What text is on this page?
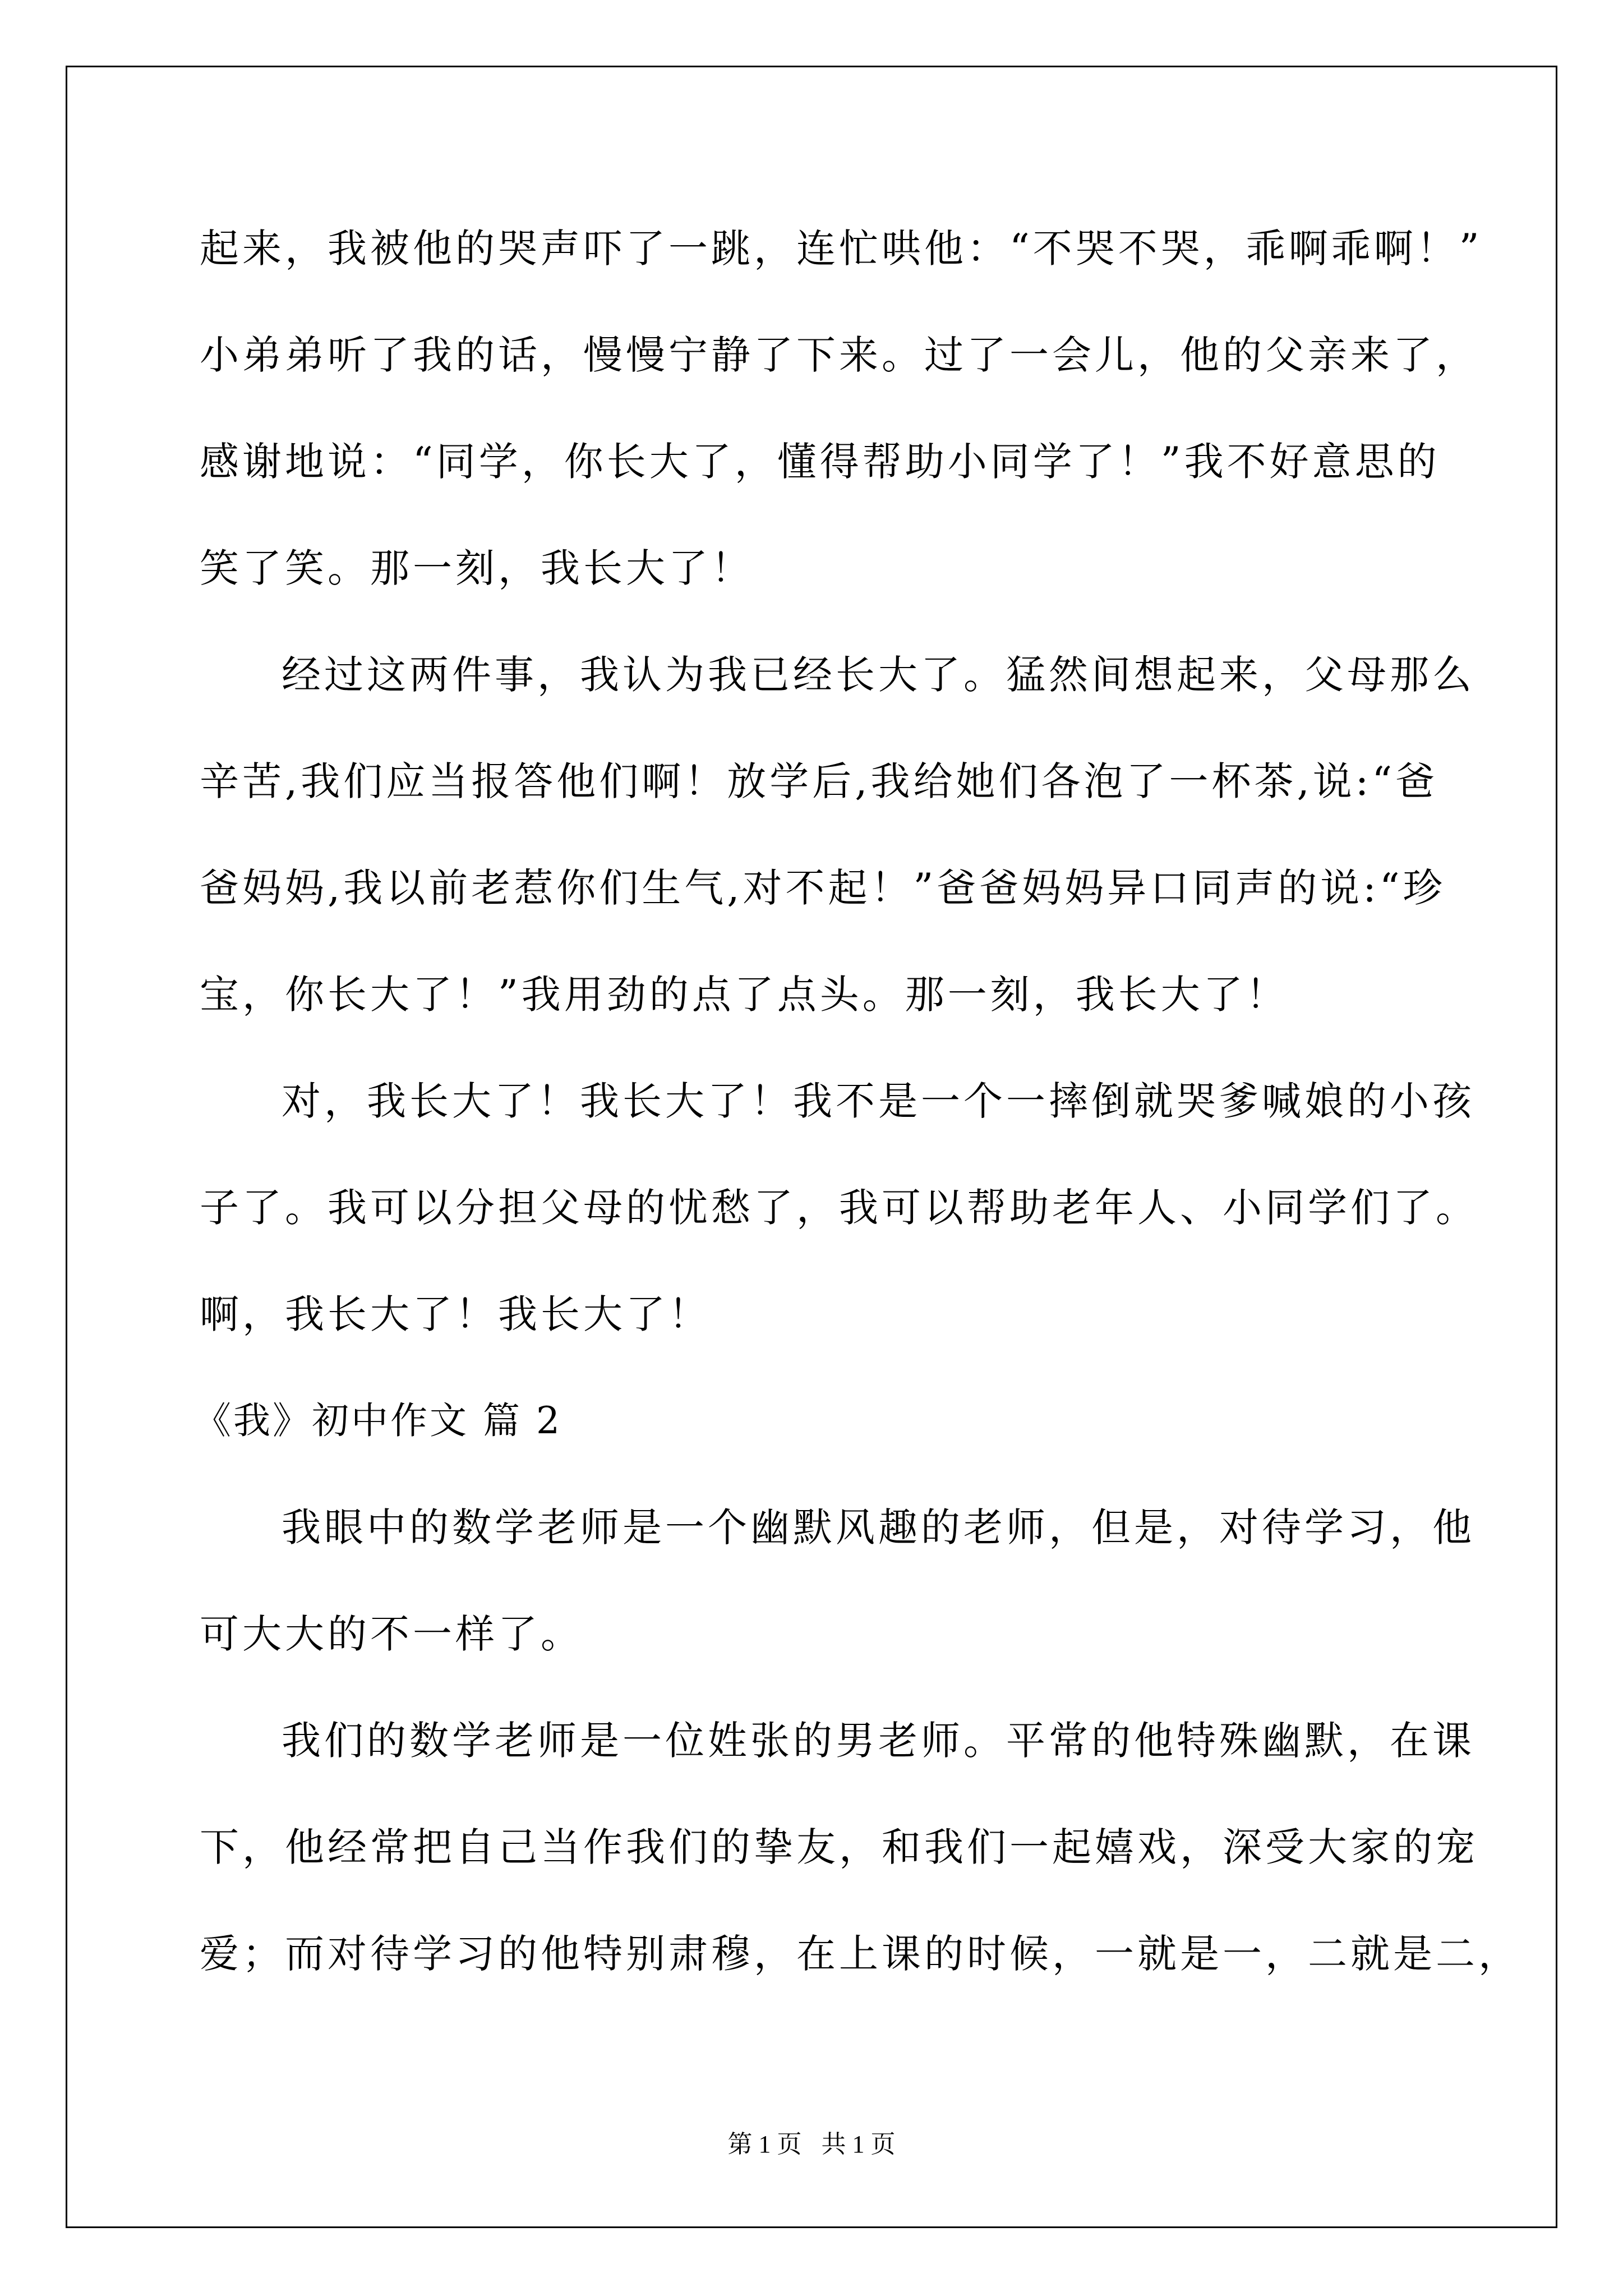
起来，我被他的哭声吓了一跳，连忙哄他：“不哭不哭，乖啊乖啊！”
小弟弟听了我的话，慢慢宁静了下来。过了一会儿，他的父亲来了，
感谢地说：“同学，你长大了，懂得帮助小同学了！”我不好意思的
笑了笑。那一刻，我长大了！
经过这两件事，我认为我已经长大了。猛然间想起来，父母那么
辛苦,我们应当报答他们啊！放学后,我给她们各泡了一杯茶,说:“爸
爸妈妈,我以前老惹你们生气,对不起！”爸爸妈妈异口同声的说:“珍
宝，你长大了！”我用劲的点了点头。那一刻，我长大了！
对，我长大了！我长大了！我不是一个一摔倒就哭爹喊娘的小孩
子了。我可以分担父母的忧愁了，我可以帮助老年人、小同学们了。
啊，我长大了！我长大了！
《我》初中作文 篇 2
我眼中的数学老师是一个幽默风趣的老师，但是，对待学习，他
可大大的不一样了。
我们的数学老师是一位姓张的男老师。平常的他特殊幽默，在课
下，他经常把自己当作我们的挚友，和我们一起嬉戏，深受大家的宠
爱；而对待学习的他特别肃穆，在上课的时候，一就是一，二就是二，
第 1 页 共 1 页
